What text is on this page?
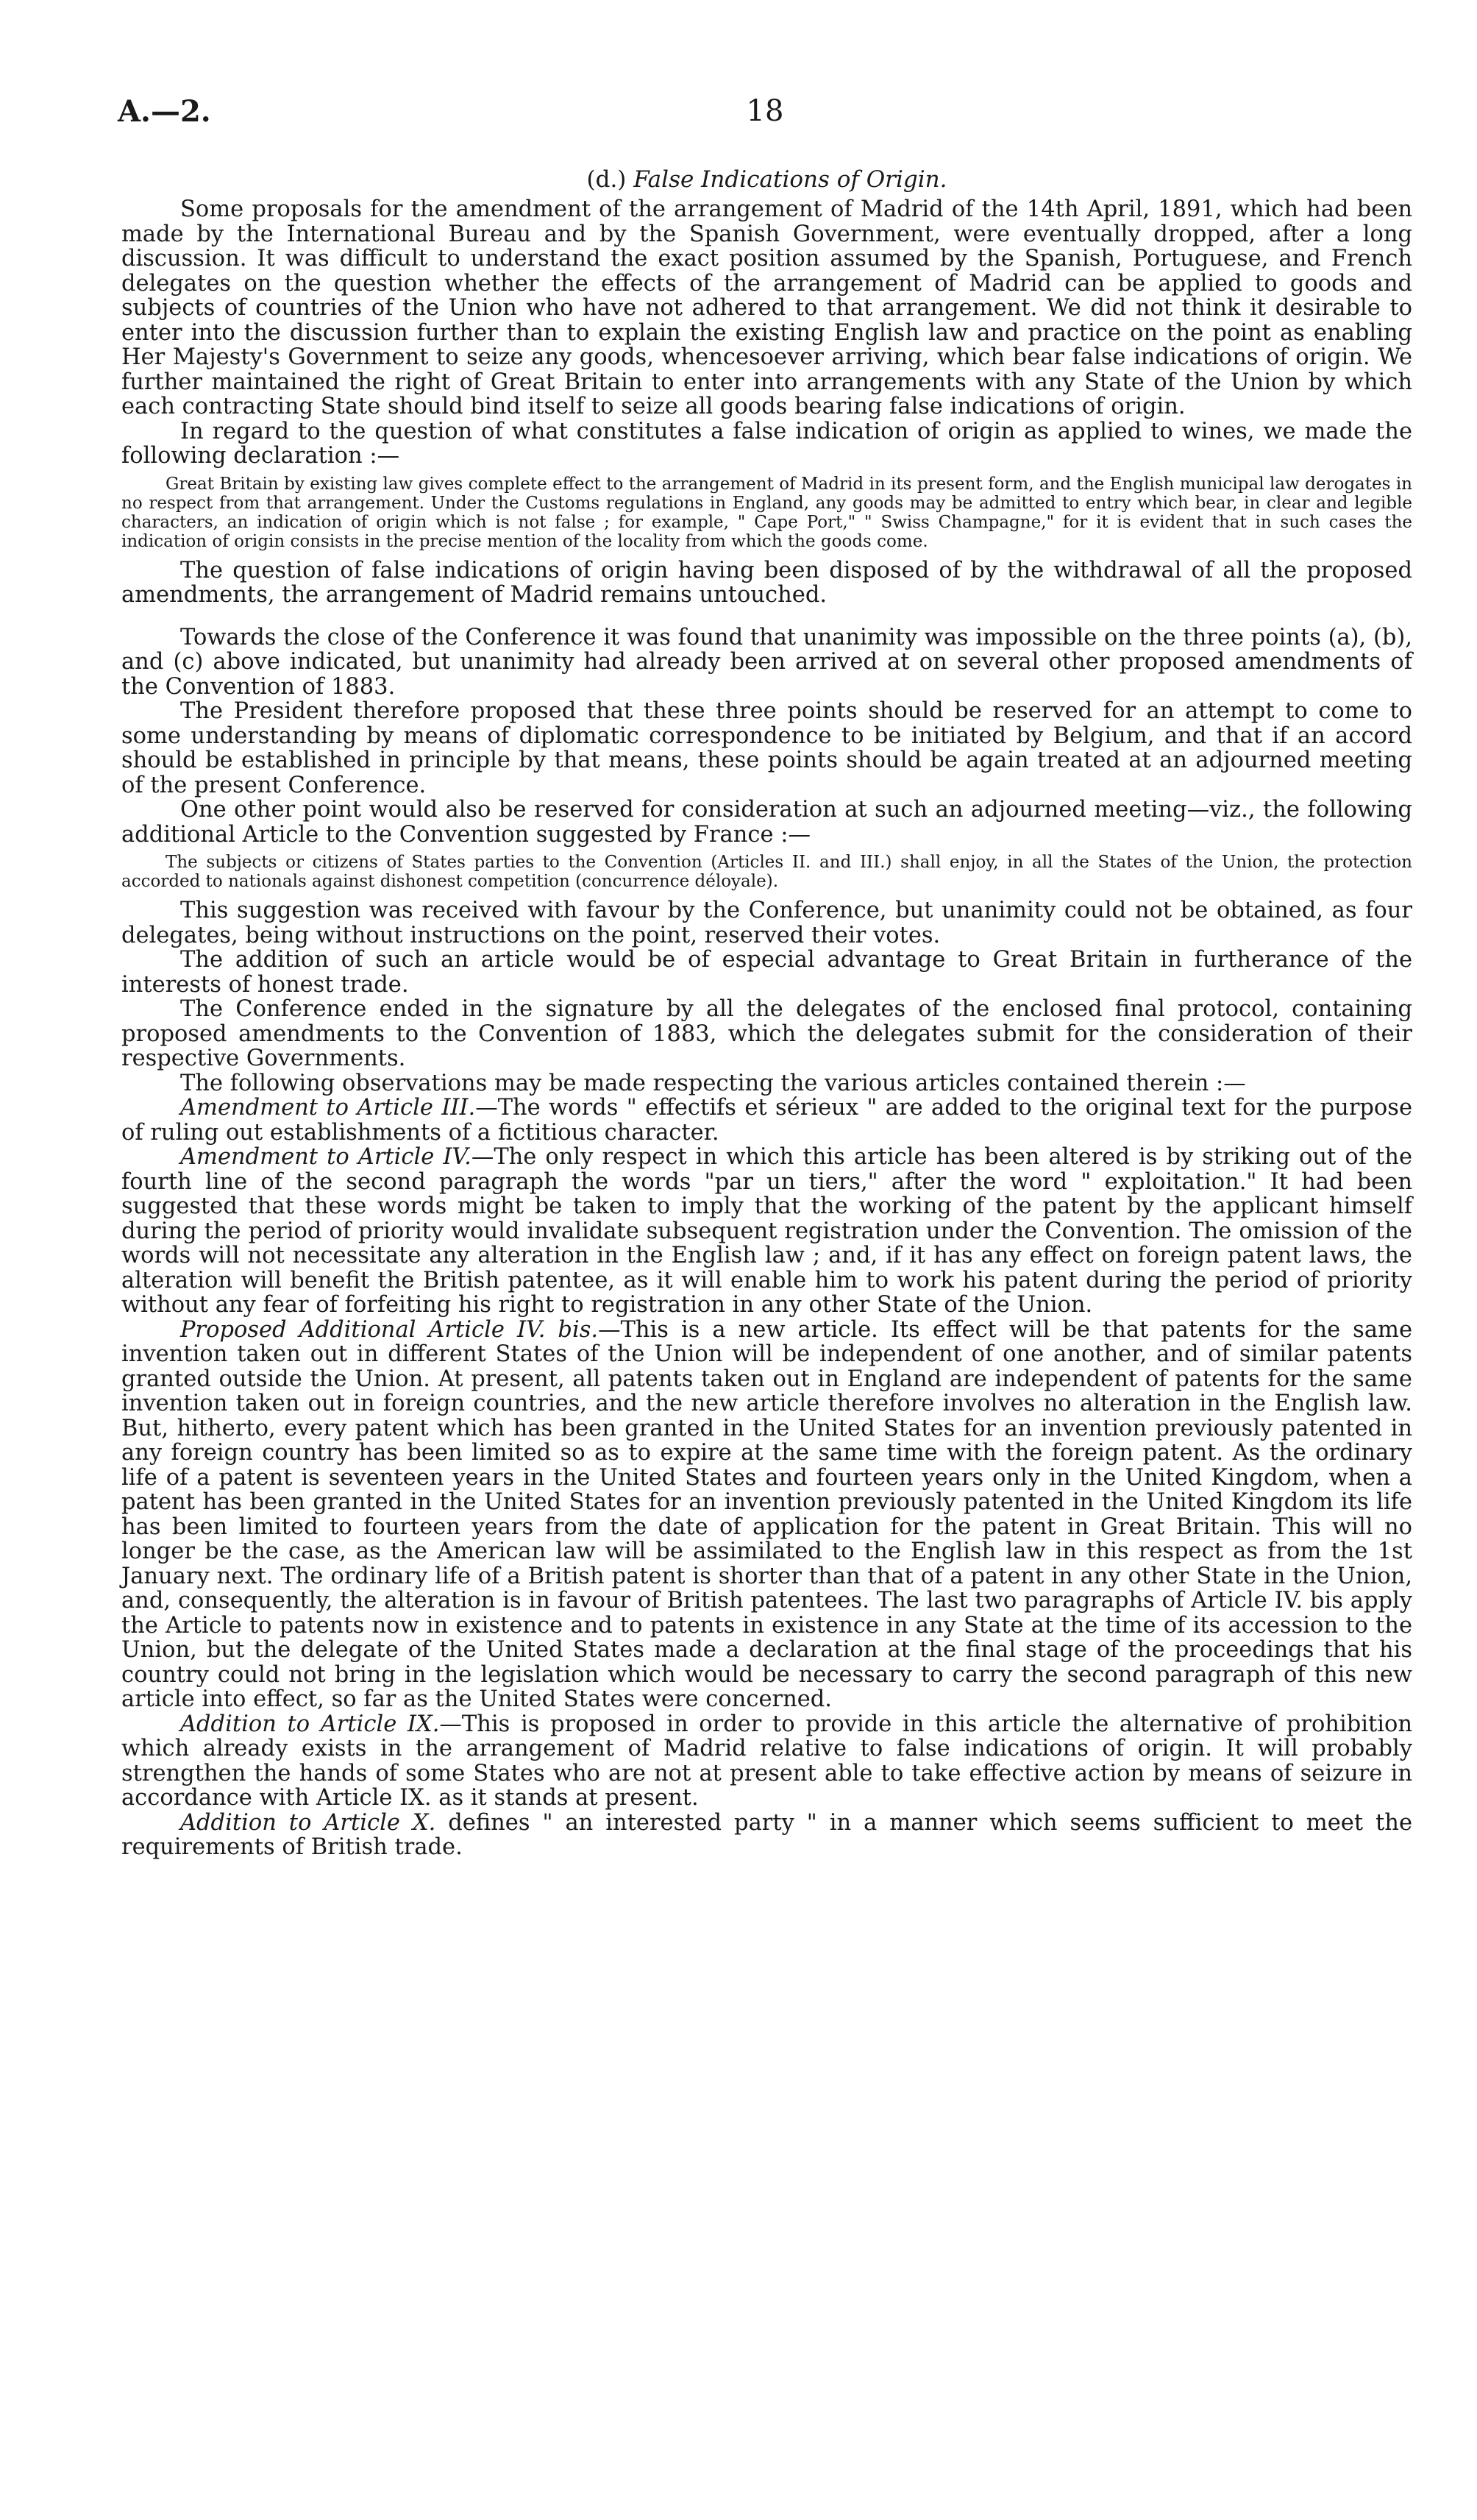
A.—2.	18
(d.) False Indications of Origin.

Some proposals for the amendment of the arrangement of Madrid of the 14th April, 1891, which had been made by the International Bureau and by the Spanish Government, were eventually dropped, after a long discussion. It was difficult to understand the exact position assumed by the Spanish, Portuguese, and French delegates on the question whether the effects of the arrangement of Madrid can be applied to goods and subjects of countries of the Union who have not adhered to that arrangement. We did not think it desirable to enter into the discussion further than to explain the existing English law and practice on the point as enabling Her Majesty's Government to seize any goods, whencesoever arriving, which bear false indications of origin. We further maintained the right of Great Britain to enter into arrangements with any State of the Union by which each contracting State should bind itself to seize all goods bearing false indications of origin.

In regard to the question of what constitutes a false indication of origin as applied to wines, we made the following declaration :—

Great Britain by existing law gives complete effect to the arrangement of Madrid in its present form, and the English municipal law derogates in no respect from that arrangement. Under the Customs regulations in England, any goods may be admitted to entry which bear, in clear and legible characters, an indication of origin which is not false ; for example, " Cape Port," " Swiss Champagne," for it is evident that in such cases the indication of origin consists in the precise mention of the locality from which the goods come.

The question of false indications of origin having been disposed of by the withdrawal of all the proposed amendments, the arrangement of Madrid remains untouched.

Towards the close of the Conference it was found that unanimity was impossible on the three points (a), (b), and (c) above indicated, but unanimity had already been arrived at on several other proposed amendments of the Convention of 1883.

The President therefore proposed that these three points should be reserved for an attempt to come to some understanding by means of diplomatic correspondence to be initiated by Belgium, and that if an accord should be established in principle by that means, these points should be again treated at an adjourned meeting of the present Conference.

One other point would also be reserved for consideration at such an adjourned meeting—viz., the following additional Article to the Convention suggested by France :—

The subjects or citizens of States parties to the Convention (Articles II. and III.) shall enjoy, in all the States of the Union, the protection accorded to nationals against dishonest competition (concurrence déloyale).

This suggestion was received with favour by the Conference, but unanimity could not be obtained, as four delegates, being without instructions on the point, reserved their votes.

The addition of such an article would be of especial advantage to Great Britain in furtherance of the interests of honest trade.

The Conference ended in the signature by all the delegates of the enclosed final protocol, containing proposed amendments to the Convention of 1883, which the delegates submit for the consideration of their respective Governments.

The following observations may be made respecting the various articles contained therein :—

Amendment to Article III.—The words " effectifs et sérieux " are added to the original text for the purpose of ruling out establishments of a fictitious character.

Amendment to Article IV.—The only respect in which this article has been altered is by striking out of the fourth line of the second paragraph the words "par un tiers," after the word " exploitation." It had been suggested that these words might be taken to imply that the working of the patent by the applicant himself during the period of priority would invalidate subsequent registration under the Convention. The omission of the words will not necessitate any alteration in the English law ; and, if it has any effect on foreign patent laws, the alteration will benefit the British patentee, as it will enable him to work his patent during the period of priority without any fear of forfeiting his right to registration in any other State of the Union.

Proposed Additional Article IV. bis.—This is a new article. Its effect will be that patents for the same invention taken out in different States of the Union will be independent of one another, and of similar patents granted outside the Union. At present, all patents taken out in England are independent of patents for the same invention taken out in foreign countries, and the new article therefore involves no alteration in the English law. But, hitherto, every patent which has been granted in the United States for an invention previously patented in any foreign country has been limited so as to expire at the same time with the foreign patent. As the ordinary life of a patent is seventeen years in the United States and fourteen years only in the United Kingdom, when a patent has been granted in the United States for an invention previously patented in the United Kingdom its life has been limited to fourteen years from the date of application for the patent in Great Britain. This will no longer be the case, as the American law will be assimilated to the English law in this respect as from the 1st January next. The ordinary life of a British patent is shorter than that of a patent in any other State in the Union, and, consequently, the alteration is in favour of British patentees. The last two paragraphs of Article IV. bis apply the Article to patents now in existence and to patents in existence in any State at the time of its accession to the Union, but the delegate of the United States made a declaration at the final stage of the proceedings that his country could not bring in the legislation which would be necessary to carry the second paragraph of this new article into effect, so far as the United States were concerned.

Addition to Article IX.—This is proposed in order to provide in this article the alternative of prohibition which already exists in the arrangement of Madrid relative to false indications of origin. It will probably strengthen the hands of some States who are not at present able to take effective action by means of seizure in accordance with Article IX. as it stands at present.

Addition to Article X. defines " an interested party " in a manner which seems sufficient to meet the requirements of British trade.
